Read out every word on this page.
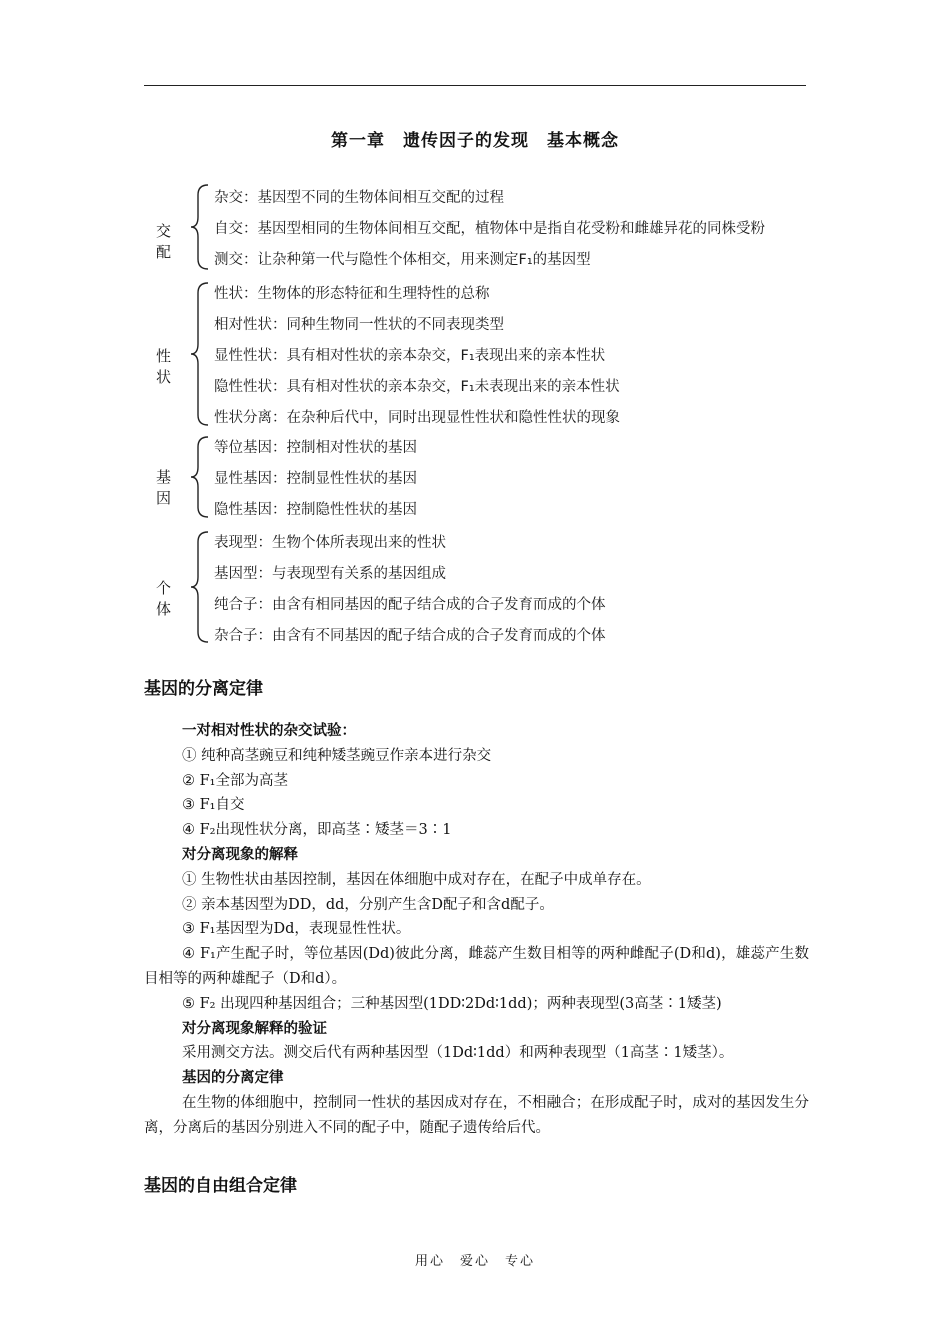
第一章　遗传因子的发现　基本概念
交配
杂交：基因型不同的生物体间相互交配的过程
自交：基因型相同的生物体间相互交配，植物体中是指自花受粉和雌雄异花的同株受粉
测交：让杂种第一代与隐性个体相交，用来测定F₁的基因型
性状
性状：生物体的形态特征和生理特性的总称
相对性状：同种生物同一性状的不同表现类型
显性性状：具有相对性状的亲本杂交，F₁表现出来的亲本性状
隐性性状：具有相对性状的亲本杂交，F₁未表现出来的亲本性状
性状分离：在杂种后代中，同时出现显性性状和隐性性状的现象
基因
等位基因：控制相对性状的基因
显性基因：控制显性性状的基因
隐性基因：控制隐性性状的基因
个体
表现型：生物个体所表现出来的性状
基因型：与表现型有关系的基因组成
纯合子：由含有相同基因的配子结合成的合子发育而成的个体
杂合子：由含有不同基因的配子结合成的合子发育而成的个体
基因的分离定律
一对相对性状的杂交试验：
① 纯种高茎豌豆和纯种矮茎豌豆作亲本进行杂交
② F₁全部为高茎
③ F₁自交
④ F₂出现性状分离，即高茎∶矮茎＝3∶1
对分离现象的解释
① 生物性状由基因控制，基因在体细胞中成对存在，在配子中成单存在。
② 亲本基因型为DD，dd，分别产生含D配子和含d配子。
③ F₁基因型为Dd，表现显性性状。
④ F₁产生配子时，等位基因(Dd)彼此分离，雌蕊产生数目相等的两种雌配子(D和d)，雄蕊产生数目相等的两种雄配子（D和d）。
⑤ F₂ 出现四种基因组合；三种基因型(1DD∶2Dd∶1dd)；两种表现型(3高茎∶1矮茎)
对分离现象解释的验证
采用测交方法。测交后代有两种基因型（1Dd∶1dd）和两种表现型（1高茎∶1矮茎）。
基因的分离定律
在生物的体细胞中，控制同一性状的基因成对存在，不相融合；在形成配子时，成对的基因发生分离，分离后的基因分别进入不同的配子中，随配子遗传给后代。
基因的自由组合定律
用心　爱心　专心
